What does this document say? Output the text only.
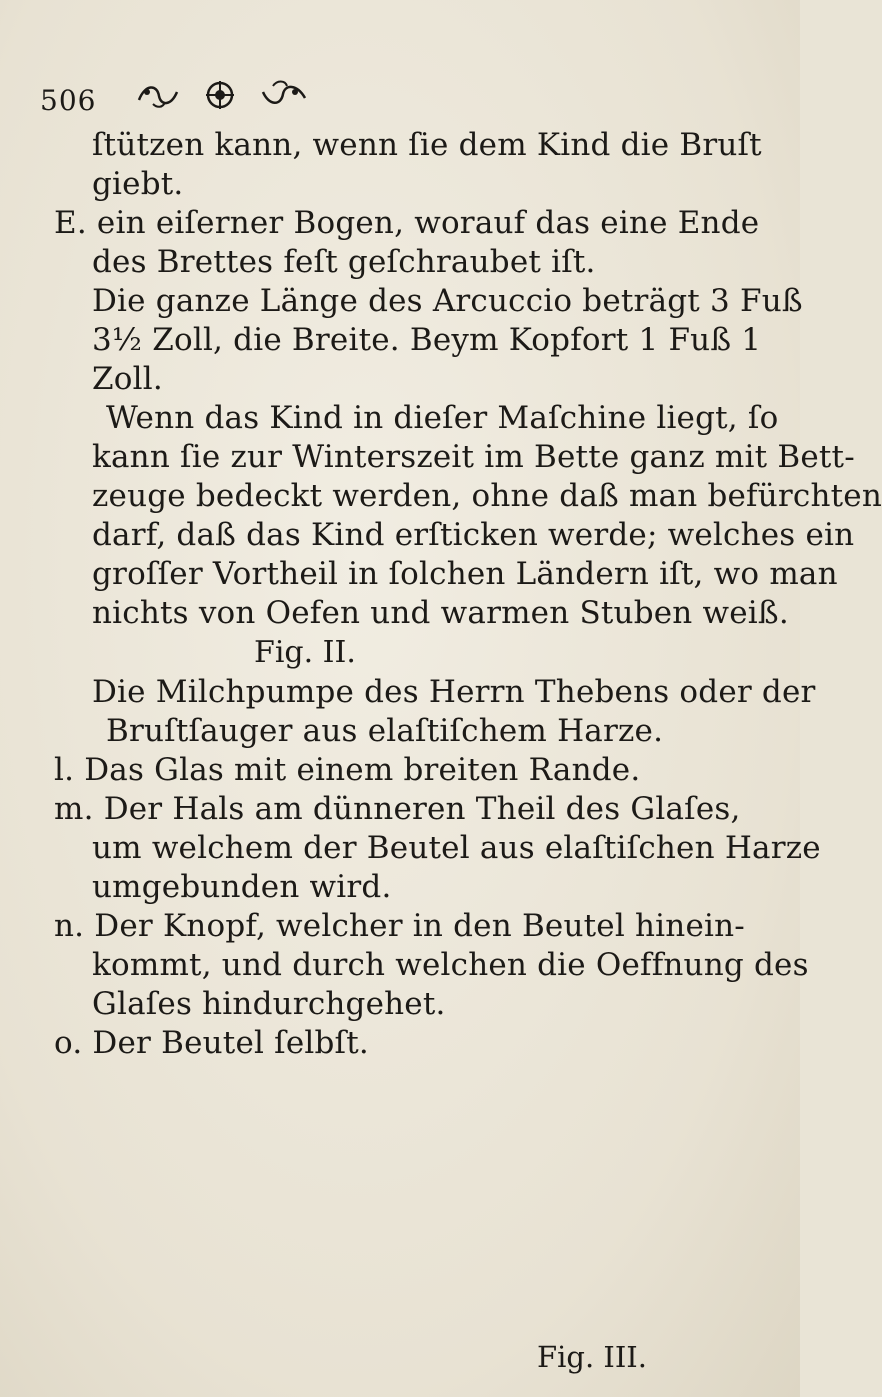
506
ſtützen kann, wenn ſie dem Kind die Bruſt
giebt.
E. ein eiſerner Bogen, worauf das eine Ende
des Brettes feſt geſchraubet iſt.
Die ganze Länge des Arcuccio beträgt 3 Fuß
3½ Zoll, die Breite. Beym Kopfort 1 Fuß 1
Zoll.
Wenn das Kind in dieſer Maſchine liegt, ſo
kann ſie zur Winterszeit im Bette ganz mit Bett-
zeuge bedeckt werden, ohne daß man befürchten
darf, daß das Kind erſticken werde; welches ein
groſſer Vortheil in ſolchen Ländern iſt, wo man
nichts von Oefen und warmen Stuben weiß.
Fig. II.
Die Milchpumpe des Herrn Thebens oder der
Bruſtſauger aus elaſtiſchem Harze.
l. Das Glas mit einem breiten Rande.
m. Der Hals am dünneren Theil des Glaſes,
um welchem der Beutel aus elaſtiſchen Harze
umgebunden wird.
n. Der Knopf, welcher in den Beutel hinein-
kommt, und durch welchen die Oeffnung des
Glaſes hindurchgehet.
o. Der Beutel ſelbſt.
Fig. III.
